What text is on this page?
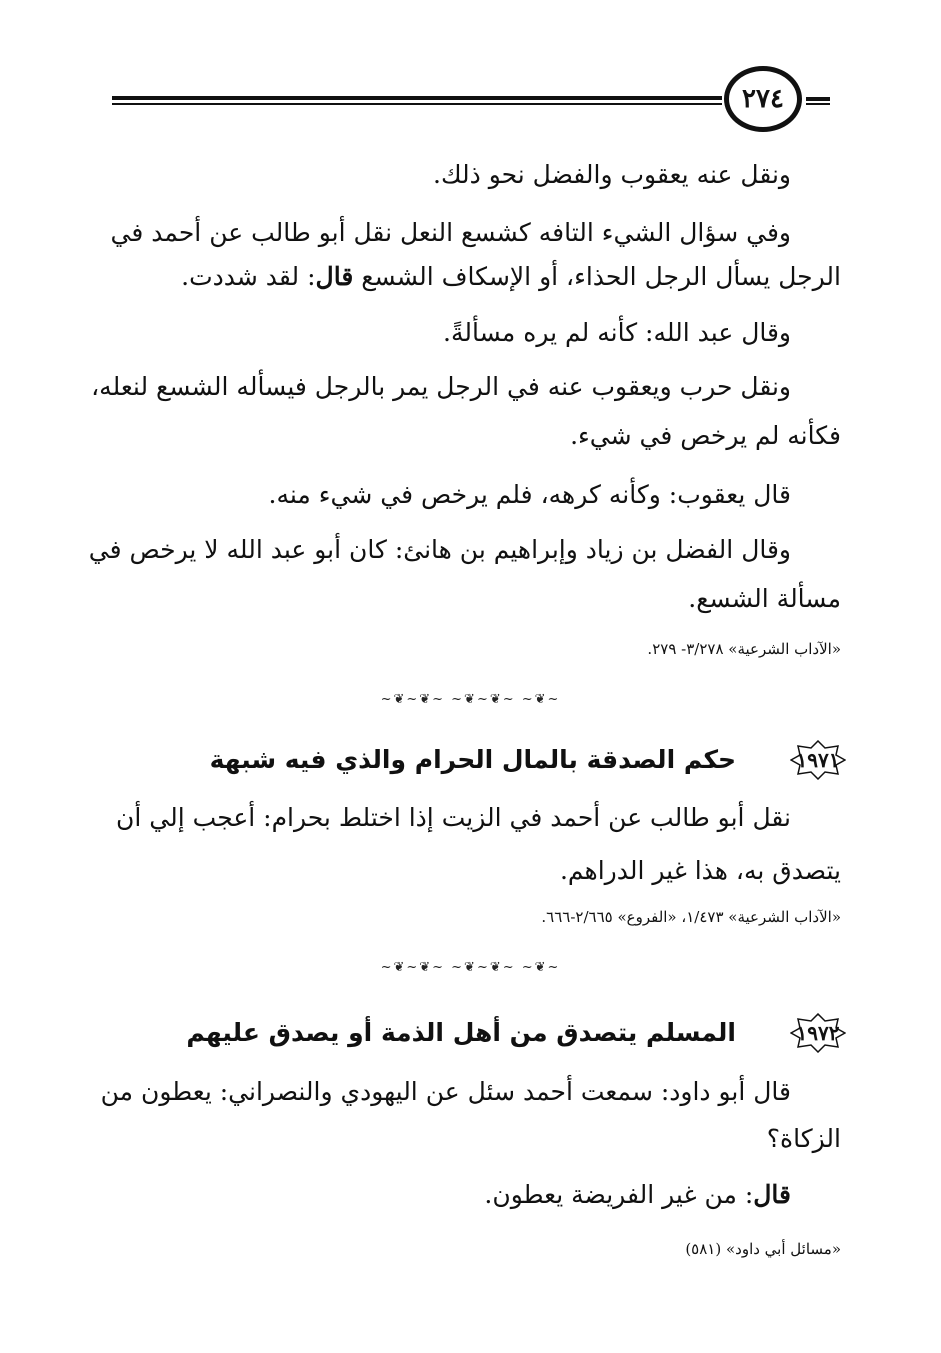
٢٧٤
ونقل عنه يعقوب والفضل نحو ذلك.
وفي سؤال الشيء التافه كشسع النعل نقل أبو طالب عن أحمد في
الرجل يسأل الرجل الحذاء، أو الإسكاف الشسع قال: لقد شددت.
وقال عبد الله: كأنه لم يره مسألةً.
ونقل حرب ويعقوب عنه في الرجل يمر بالرجل فيسأله الشسع لنعله،
فكأنه لم يرخص في شيء.
قال يعقوب: وكأنه كرهه، فلم يرخص في شيء منه.
وقال الفضل بن زياد وإبراهيم بن هانئ: كان أبو عبد الله لا يرخص في
مسألة الشسع.
«الآداب الشرعية» ٣/٢٧٨- ٢٧٩.
~❦~❦~ ~❦~❦~ ~❦~
١٩٧١
حكم الصدقة بالمال الحرام والذي فيه شبهة
نقل أبو طالب عن أحمد في الزيت إذا اختلط بحرام: أعجب إلي أن
يتصدق به، هذا غير الدراهم.
«الآداب الشرعية» ١/٤٧٣، «الفروع» ٢/٦٦٥-٦٦٦.
~❦~❦~ ~❦~❦~ ~❦~
١٩٧٢
المسلم يتصدق من أهل الذمة أو يصدق عليهم
قال أبو داود: سمعت أحمد سئل عن اليهودي والنصراني: يعطون من
الزكاة؟
قال: من غير الفريضة يعطون.
«مسائل أبي داود» (٥٨١)
